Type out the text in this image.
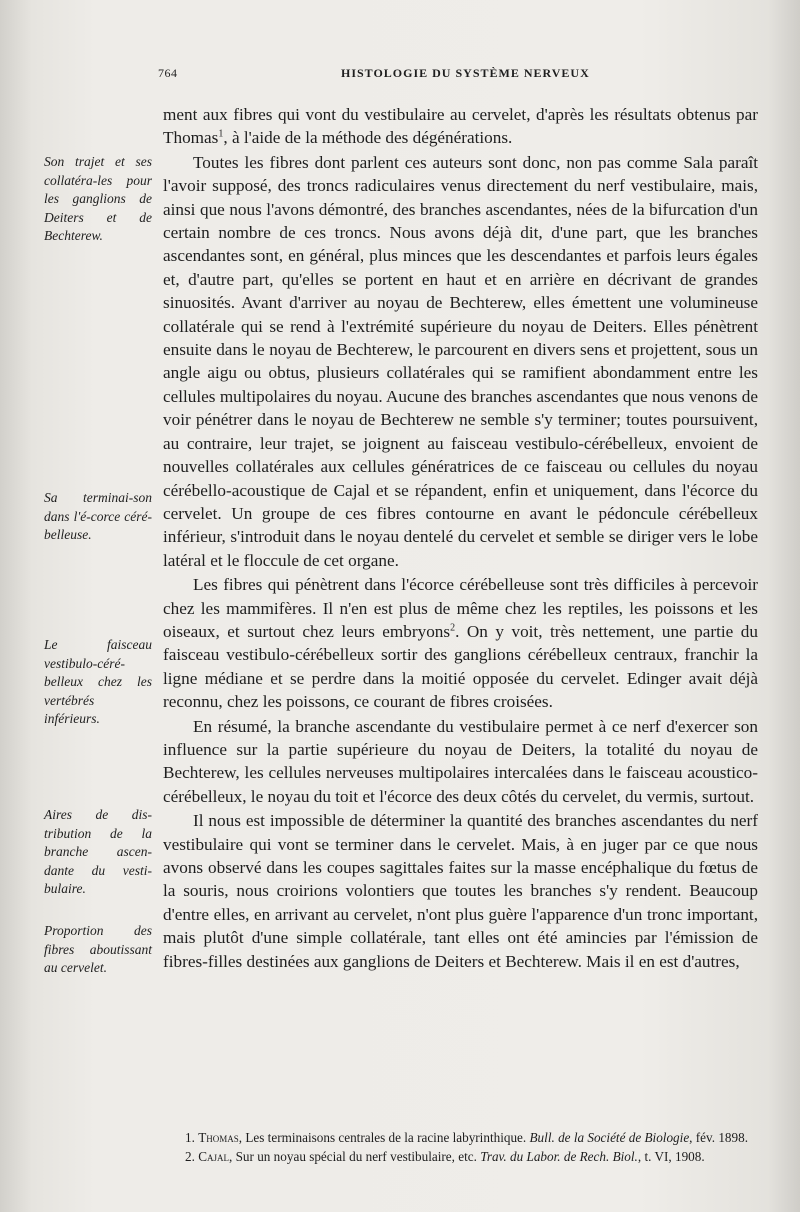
764	HISTOLOGIE DU SYSTÈME NERVEUX
Son trajet et ses collatéra-les pour les ganglions de Deiters et de Bechterew.
Sa terminai-son dans l'é-corce céré-belleuse.
Le faisceau vestibulo-céré-belleux chez les vertébrés inférieurs.
Aires de dis-tribution de la branche ascen-dante du vesti-bulaire.
Proportion des fibres aboutissant au cervelet.

ment aux fibres qui vont du vestibulaire au cervelet, d'après les résultats obtenus par Thomas$^1$, à l'aide de la méthode des dégénérations.

Toutes les fibres dont parlent ces auteurs sont donc, non pas comme Sala paraît l'avoir supposé, des troncs radiculaires venus directement du nerf vestibulaire, mais, ainsi que nous l'avons démontré, des branches ascendantes, nées de la bifurcation d'un certain nombre de ces troncs. Nous avons déjà dit, d'une part, que les branches ascendantes sont, en général, plus minces que les descendantes et parfois leurs égales et, d'autre part, qu'elles se portent en haut et en arrière en décrivant de grandes sinuosités. Avant d'arriver au noyau de Bechterew, elles émettent une volumineuse collatérale qui se rend à l'extrémité supérieure du noyau de Deiters. Elles pénètrent ensuite dans le noyau de Bechterew, le parcourent en divers sens et projettent, sous un angle aigu ou obtus, plusieurs collatérales qui se ramifient abondamment entre les cellules multipolaires du noyau. Aucune des branches ascendantes que nous venons de voir pénétrer dans le noyau de Bechterew ne semble s'y terminer; toutes poursuivent, au contraire, leur trajet, se joignent au faisceau vestibulo-cérébelleux, envoient de nouvelles collatérales aux cellules génératrices de ce faisceau ou cellules du noyau cérébello-acoustique de Cajal et se répandent, enfin et uniquement, dans l'écorce du cervelet. Un groupe de ces fibres contourne en avant le pédoncule cérébelleux inférieur, s'introduit dans le noyau dentelé du cervelet et semble se diriger vers le lobe latéral et le floccule de cet organe.

Les fibres qui pénètrent dans l'écorce cérébelleuse sont très difficiles à percevoir chez les mammifères. Il n'en est plus de même chez les reptiles, les poissons et les oiseaux, et surtout chez leurs embryons$^2$. On y voit, très nettement, une partie du faisceau vestibulo-cérébelleux sortir des ganglions cérébelleux centraux, franchir la ligne médiane et se perdre dans la moitié opposée du cervelet. Edinger avait déjà reconnu, chez les poissons, ce courant de fibres croisées.

En résumé, la branche ascendante du vestibulaire permet à ce nerf d'exercer son influence sur la partie supérieure du noyau de Deiters, la totalité du noyau de Bechterew, les cellules nerveuses multipolaires intercalées dans le faisceau acoustico-cérébelleux, le noyau du toit et l'écorce des deux côtés du cervelet, du vermis, surtout.

Il nous est impossible de déterminer la quantité des branches ascendantes du nerf vestibulaire qui vont se terminer dans le cervelet. Mais, à en juger par ce que nous avons observé dans les coupes sagittales faites sur la masse encéphalique du fœtus de la souris, nous croirions volontiers que toutes les branches s'y rendent. Beaucoup d'entre elles, en arrivant au cervelet, n'ont plus guère l'apparence d'un tronc important, mais plutôt d'une simple collatérale, tant elles ont été amincies par l'émission de fibres-filles destinées aux ganglions de Deiters et Bechterew. Mais il en est d'autres,

1. Thomas, Les terminaisons centrales de la racine labyrinthique. Bull. de la Société de Biologie, fév. 1898.

2. Cajal, Sur un noyau spécial du nerf vestibulaire, etc. Trav. du Labor. de Rech. Biol., t. VI, 1908.
